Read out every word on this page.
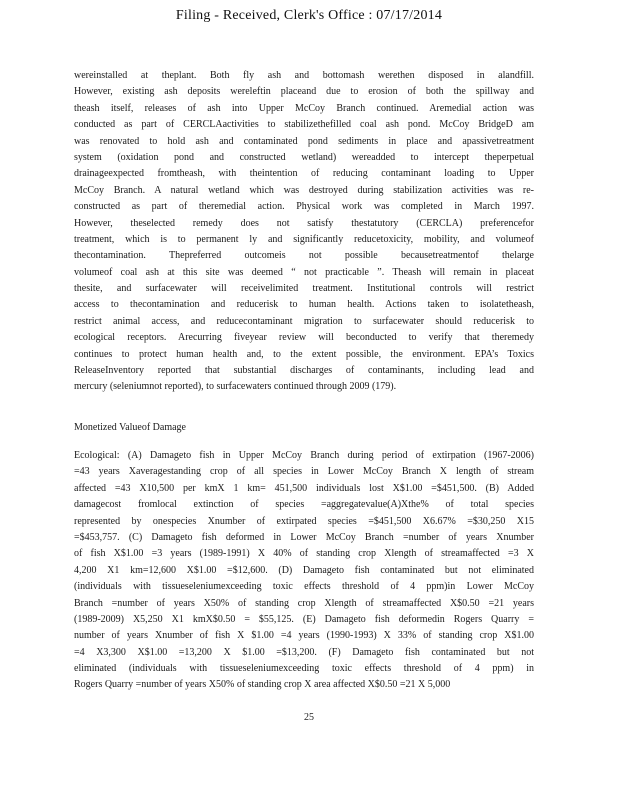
Filing - Received, Clerk's Office : 07/17/2014
wereinstalled at theplant. Both fly ash and bottomash werethen disposed in alandfill.
However, existing ash deposits wereleftin placeand due to erosion of both the spillway and
theash itself, releases of ash into Upper McCoy Branch continued. Aremedial action was
conducted as part of CERCLAactivities to stabilizethefilled coal ash pond. McCoy BridgeD am
was renovated to hold ash and contaminated pond sediments in place and apassivetreatment
system (oxidation pond and constructed wetland) wereadded to intercept theperpetual
drainageexpected fromtheash, with theintention of reducing contaminant loading to Upper
McCoy Branch. A natural wetland which was destroyed during stabilization activities was re-
constructed as part of theremedial action. Physical work was completed in March 1997.
However, theselected remedy does not satisfy thestatutory (CERCLA) preferencefor
treatment, which is to permanent ly and significantly reducetoxicity, mobility, and volumeof
thecontamination. Thepreferred outcomeis not possible becausetreatmentof thelarge
volumeof coal ash at this site was deemed “ not practicable ”. Theash will remain in placeat
thesite, and surfacewater will receivelimited treatment. Institutional controls will restrict
access to thecontamination and reducerisk to human health. Actions taken to isolatetheash,
restrict animal access, and reducecontaminant migration to surfacewater should reducerisk to
ecological receptors. Arecurring fiveyear review will beconducted to verify that theremedy
continues to protect human health and, to the extent possible, the environment. EPA’s Toxics
ReleaseInventory reported that substantial discharges of contaminants, including lead and
mercury (seleniumnot reported), to surfacewaters continued through 2009 (179).
Monetized Valueof Damage
Ecological: (A) Damageto fish in Upper McCoy Branch during period of extirpation (1967-2006)
=43 years Xaveragestanding crop of all species in Lower McCoy Branch X length of stream
affected =43 X10,500 per kmX 1 km= 451,500 individuals lost X$1.00 =$451,500. (B) Added
damagecost fromlocal extinction of species =aggregatevalue(A)Xthe% of total species
represented by onespecies Xnumber of extirpated species =$451,500 X6.67% =$30,250 X15
=$453,757. (C) Damageto fish deformed in Lower McCoy Branch =number of years Xnumber
of fish X$1.00 =3 years (1989-1991) X 40% of standing crop Xlength of streamaffected =3 X
4,200 X1 km=12,600 X$1.00 =$12,600. (D) Damageto fish contaminated but not eliminated
(individuals with tissueseleniumexceeding toxic effects threshold of 4 ppm)in Lower McCoy
Branch =number of years X50% of standing crop Xlength of streamaffected X$0.50 =21 years
(1989-2009) X5,250 X1 kmX$0.50 = $55,125. (E) Damageto fish deformedin Rogers Quarry =
number of years Xnumber of fish X $1.00 =4 years (1990-1993) X 33% of standing crop X$1.00
=4 X3,300 X$1.00 =13,200 X $1.00 =$13,200. (F) Damageto fish contaminated but not
eliminated (individuals with tissueseleniumexceeding toxic effects threshold of 4 ppm) in
Rogers Quarry =number of years X50% of standing crop X area affected X$0.50 =21 X 5,000
25
